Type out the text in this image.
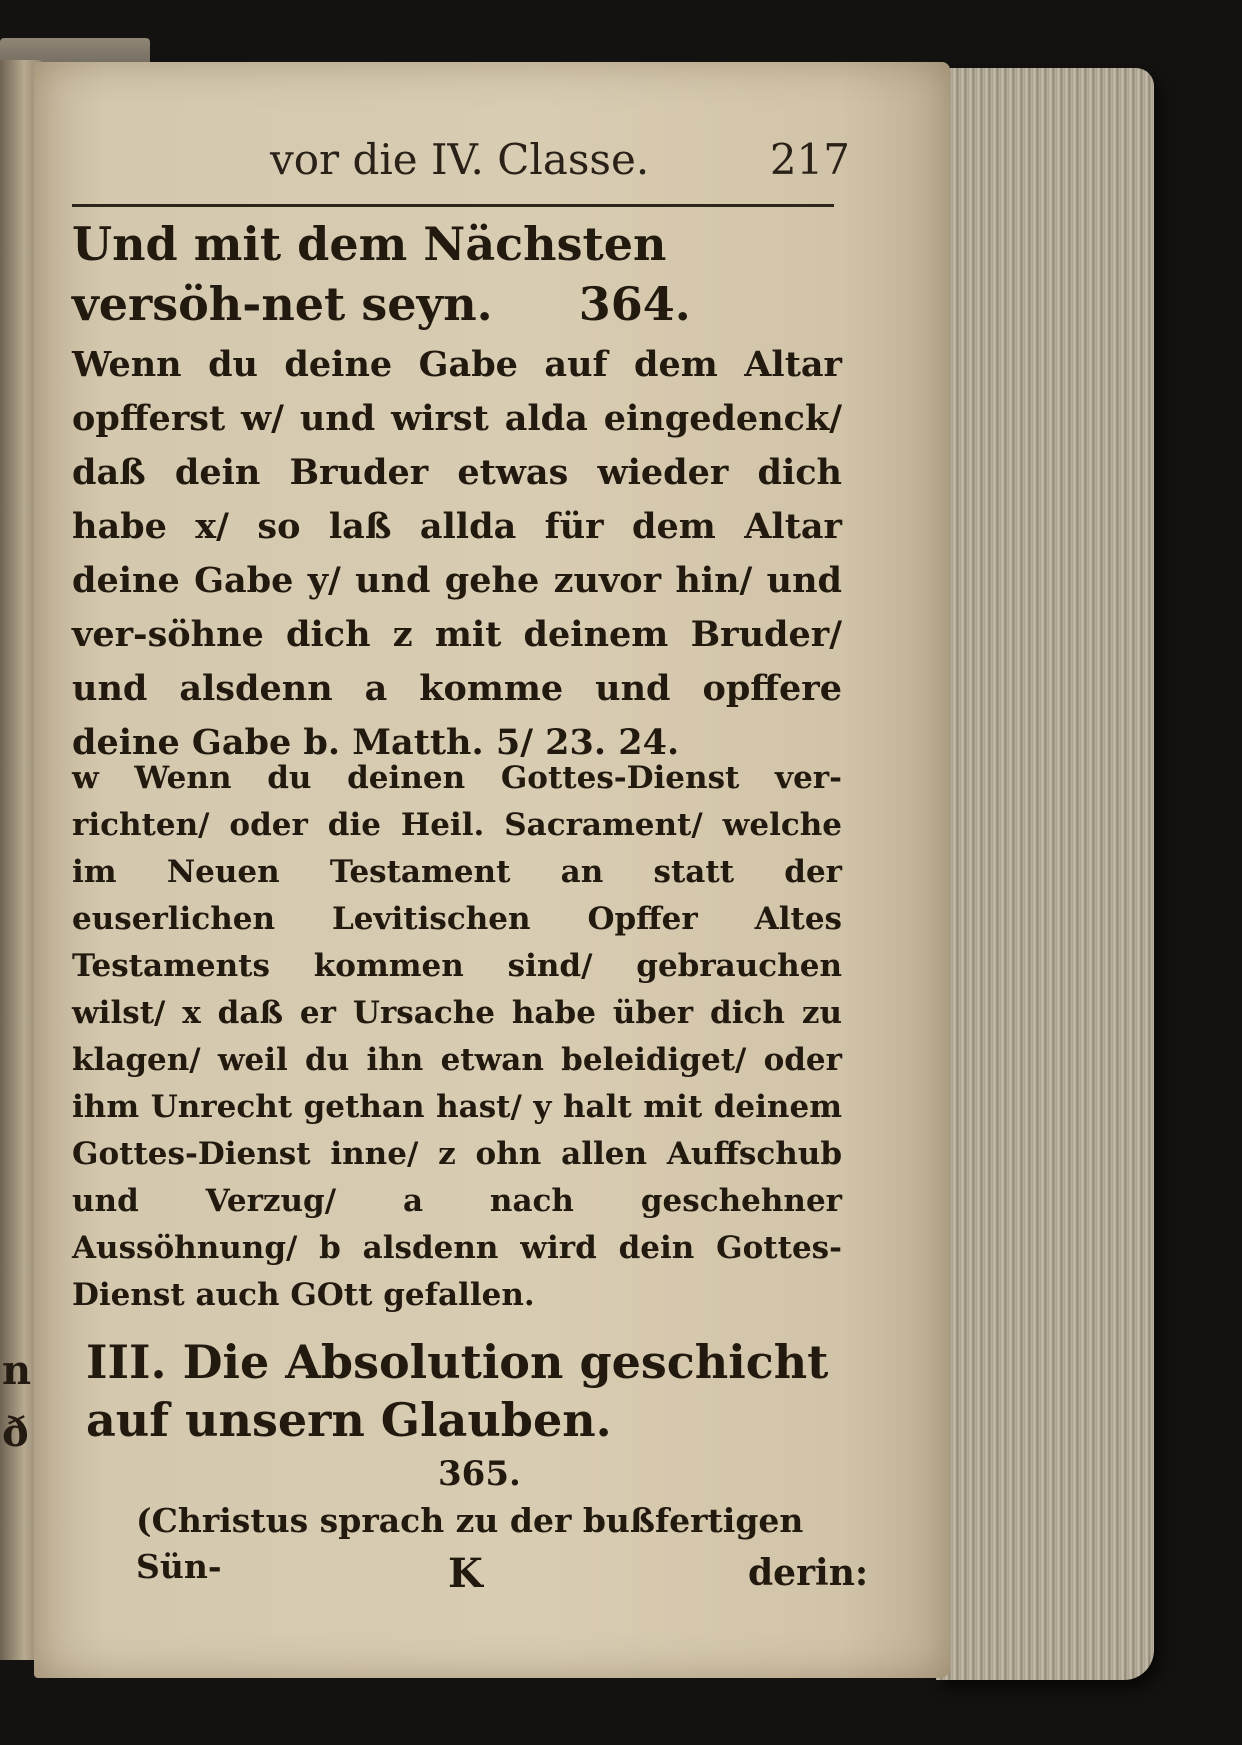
n
ð
vor die IV. Classe.	217
Und mit dem Nächsten versöh-net seyn. 364.

Wenn du deine Gabe auf dem Altar opfferst w/ und wirst alda eingedenck/ daß dein Bruder etwas wieder dich habe x/ so laß allda für dem Altar deine Gabe y/ und gehe zuvor hin/ und ver-söhne dich z mit deinem Bruder/ und alsdenn a komme und opffere deine Gabe b. Matth. 5/ 23. 24.

w Wenn du deinen Gottes-Dienst ver-richten/ oder die Heil. Sacrament/ welche im Neuen Testament an statt der euserlichen Levitischen Opffer Altes Testaments kommen sind/ gebrauchen wilst/ x daß er Ursache habe über dich zu klagen/ weil du ihn etwan beleidiget/ oder ihm Unrecht gethan hast/ y halt mit deinem Gottes-Dienst inne/ z ohn allen Auffschub und Verzug/ a nach geschehner Aussöhnung/ b alsdenn wird dein Gottes-Dienst auch GOtt gefallen.

III. Die Absolution geschicht auf unsern Glauben.
365.

(Christus sprach zu der bußfertigen Sün-	K	derin:
